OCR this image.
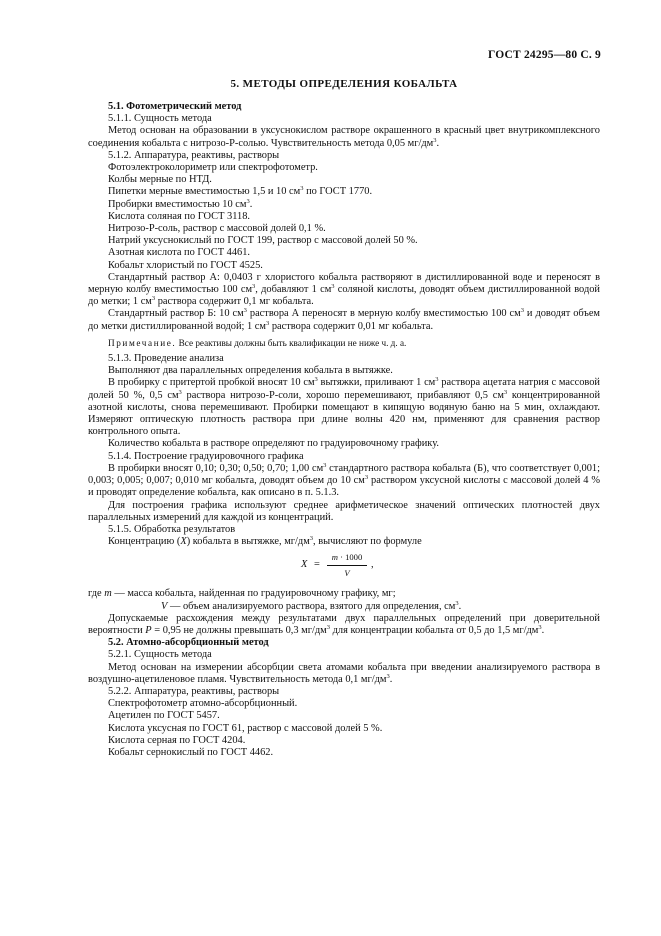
ГОСТ 24295—80 С. 9
5. МЕТОДЫ ОПРЕДЕЛЕНИЯ КОБАЛЬТА

5.1. Фотометрический метод

5.1.1. Сущность метода

Метод основан на образовании в уксуснокислом растворе окрашенного в красный цвет внутрикомплексного соединения кобальта с нитрозо-Р-солью. Чувствительность метода 0,05 $мг/дм^3$.

5.1.2. Аппаратура, реактивы, растворы

Фотоэлектроколориметр или спектрофотометр.

Колбы мерные по НТД.

Пипетки мерные вместимостью 1,5 и 10 $см^3$ по ГОСТ 1770.

Пробирки вместимостью 10 $см^3$.

Кислота соляная по ГОСТ 3118.

Нитрозо-Р-соль, раствор с массовой долей 0,1 %.

Натрий уксуснокислый по ГОСТ 199, раствор с массовой долей 50 %.

Азотная кислота по ГОСТ 4461.

Кобальт хлористый по ГОСТ 4525.

Стандартный раствор А: 0,0403 г хлористого кобальта растворяют в дистиллированной воде и переносят в мерную колбу вместимостью 100 $см^3$, добавляют 1 $см^3$ соляной кислоты, доводят объем дистиллированной водой до метки; 1 $см^3$ раствора содержит 0,1 мг кобальта.

Стандартный раствор Б: 10 $см^3$ раствора А переносят в мерную колбу вместимостью 100 $см^3$ и доводят объем до метки дистиллированной водой; 1 $см^3$ раствора содержит 0,01 мг кобальта.

Примечание. Все реактивы должны быть квалификации не ниже ч. д. а.

5.1.3. Проведение анализа

Выполняют два параллельных определения кобальта в вытяжке.

В пробирку с притертой пробкой вносят 10 $см^3$ вытяжки, приливают 1 $см^3$ раствора ацетата натрия с массовой долей 50 %, 0,5 $см^3$ раствора нитрозо-Р-соли, хорошо перемешивают, прибавляют 0,5 $см^3$ концентрированной азотной кислоты, снова перемешивают. Пробирки помещают в кипящую водяную баню на 5 мин, охлаждают. Измеряют оптическую плотность раствора при длине волны 420 нм, применяют для сравнения раствор контрольного опыта.

Количество кобальта в растворе определяют по градуировочному графику.

5.1.4. Построение градуировочного графика

В пробирки вносят 0,10; 0,30; 0,50; 0,70; 1,00 $см^3$ стандартного раствора кобальта (Б), что соответствует 0,001; 0,003; 0,005; 0,007; 0,010 мг кобальта, доводят объем до 10 $см^3$ раствором уксусной кислоты с массовой долей 4 % и проводят определение кобальта, как описано в п. 5.1.3.

Для построения графика используют среднее арифметическое значений оптических плотностей двух параллельных измерений для каждой из концентраций.

5.1.5. Обработка результатов

Концентрацию (X) кобальта в вытяжке, $мг/дм^3$, вычисляют по формуле

$X = \frac{m \cdot 1000}{V}$ ,

где m — масса кобальта, найденная по градуировочному графику, мг;

V — объем анализируемого раствора, взятого для определения, $см^3$.

Допускаемые расхождения между результатами двух параллельных определений при доверительной вероятности P = 0,95 не должны превышать 0,3 $мг/дм^3$ для концентрации кобальта от 0,5 до 1,5 $мг/дм^3$.

5.2. Атомно-абсорбционный метод

5.2.1. Сущность метода

Метод основан на измерении абсорбции света атомами кобальта при введении анализируемого раствора в воздушно-ацетиленовое пламя. Чувствительность метода 0,1 $мг/дм^3$.

5.2.2. Аппаратура, реактивы, растворы

Спектрофотометр атомно-абсорбционный.

Ацетилен по ГОСТ 5457.

Кислота уксусная по ГОСТ 61, раствор с массовой долей 5 %.

Кислота серная по ГОСТ 4204.

Кобальт сернокислый по ГОСТ 4462.
